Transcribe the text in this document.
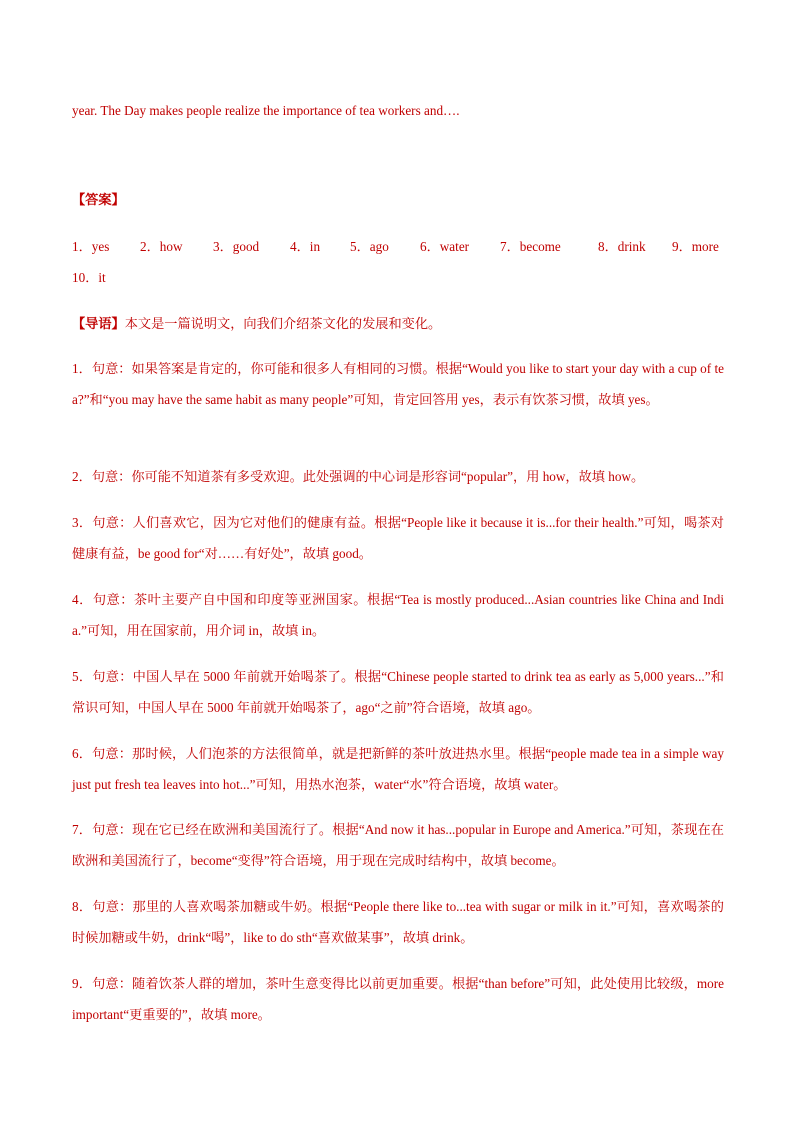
year. The Day makes people realize the importance of tea workers and….
【答案】
1．yes 2．how 3．good 4．in 5．ago 6．water 7．become	8．drink 9．more
10．it
【导语】本文是一篇说明文，向我们介绍茶文化的发展和变化。
1．句意：如果答案是肯定的，你可能和很多人有相同的习惯。根据“Would you like to start your day with a cup of tea?”和“you may have the same habit as many people”可知，肯定回答用 yes，表示有饮茶习惯，故填 yes。
2．句意：你可能不知道茶有多受欢迎。此处强调的中心词是形容词“popular”，用 how，故填 how。
3．句意：人们喜欢它，因为它对他们的健康有益。根据“People like it because it is...for their health.”可知，喝茶对健康有益，be good for“对……有好处”，故填 good。
4．句意：茶叶主要产自中国和印度等亚洲国家。根据“Tea is mostly produced...Asian countries like China and India.”可知，用在国家前，用介词 in，故填 in。
5．句意：中国人早在 5000 年前就开始喝茶了。根据“Chinese people started to drink tea as early as 5,000 years...”和常识可知，中国人早在 5000 年前就开始喝茶了，ago“之前”符合语境，故填 ago。
6．句意：那时候，人们泡茶的方法很简单，就是把新鲜的茶叶放进热水里。根据“people made tea in a simple way just put fresh tea leaves into hot...”可知，用热水泡茶，water“水”符合语境，故填 water。
7．句意：现在它已经在欧洲和美国流行了。根据“And now it has...popular in Europe and America.”可知，茶现在在欧洲和美国流行了，become“变得”符合语境，用于现在完成时结构中，故填 become。
8．句意：那里的人喜欢喝茶加糖或牛奶。根据“People there like to...tea with sugar or milk in it.”可知，喜欢喝茶的时候加糖或牛奶，drink“喝”，like to do sth“喜欢做某事”，故填 drink。
9．句意：随着饮茶人群的增加，茶叶生意变得比以前更加重要。根据“than before”可知，此处使用比较级，more important“更重要的”，故填 more。
